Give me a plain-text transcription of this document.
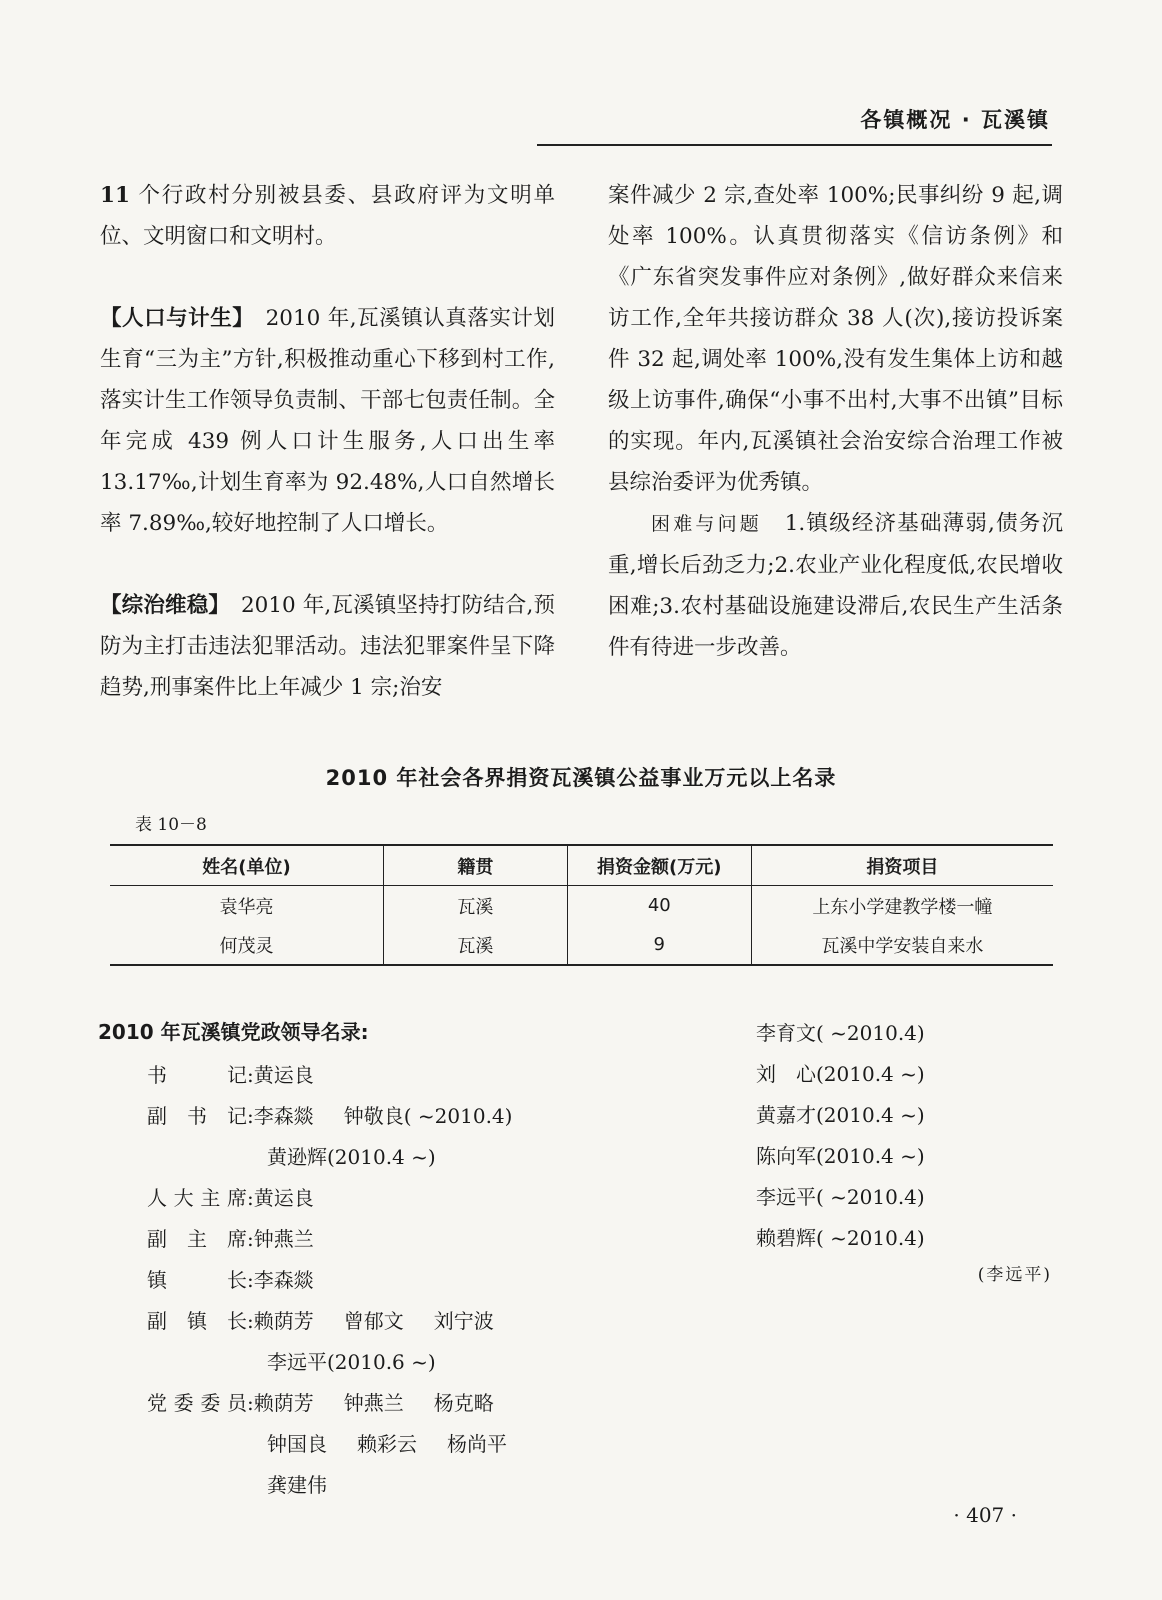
各镇概况 · 瓦溪镇

11 个行政村分别被县委、县政府评为文明单位、文明窗口和文明村。

【人口与计生】　2010 年,瓦溪镇认真落实计划生育“三为主”方针,积极推动重心下移到村工作,落实计生工作领导负责制、干部七包责任制。全年完成 439 例人口计生服务,人口出生率 13.17‰,计划生育率为 92.48%,人口自然增长率 7.89‰,较好地控制了人口增长。

【综治维稳】　2010 年,瓦溪镇坚持打防结合,预防为主打击违法犯罪活动。违法犯罪案件呈下降趋势,刑事案件比上年减少 1 宗;治安

案件减少 2 宗,查处率 100%;民事纠纷 9 起,调处率 100%。认真贯彻落实《信访条例》和《广东省突发事件应对条例》,做好群众来信来访工作,全年共接访群众 38 人(次),接访投诉案件 32 起,调处率 100%,没有发生集体上访和越级上访事件,确保“小事不出村,大事不出镇”目标的实现。年内,瓦溪镇社会治安综合治理工作被县综治委评为优秀镇。

困难与问题　1.镇级经济基础薄弱,债务沉重,增长后劲乏力;2.农业产业化程度低,农民增收困难;3.农村基础设施建设滞后,农民生产生活条件有待进一步改善。

2010 年社会各界捐资瓦溪镇公益事业万元以上名录
表 10－8
姓名(单位)	籍贯	捐资金额(万元)	捐资项目
袁华亮	瓦溪	40	上东小学建教学楼一幢
何茂灵	瓦溪	9	瓦溪中学安装自来水
2010 年瓦溪镇党政领导名录:
书记 : 黄运良
副书记 : 李森燚 钟敬良( ~2010.4)

黄逊辉(2010.4 ~)
人大主席 : 黄运良
副主席 : 钟燕兰
镇长 : 李森燚
副镇长 : 赖荫芳 曾郁文 刘宁波

李远平(2010.6 ~)
党委委员 : 赖荫芳 钟燕兰 杨克略

钟国良 赖彩云 杨尚平

龚建伟
李育文( ~2010.4)
刘　心(2010.4 ~)
黄嘉才(2010.4 ~)
陈向军(2010.4 ~)
李远平( ~2010.4)
赖碧辉( ~2010.4)
(李远平)
· 407 ·
